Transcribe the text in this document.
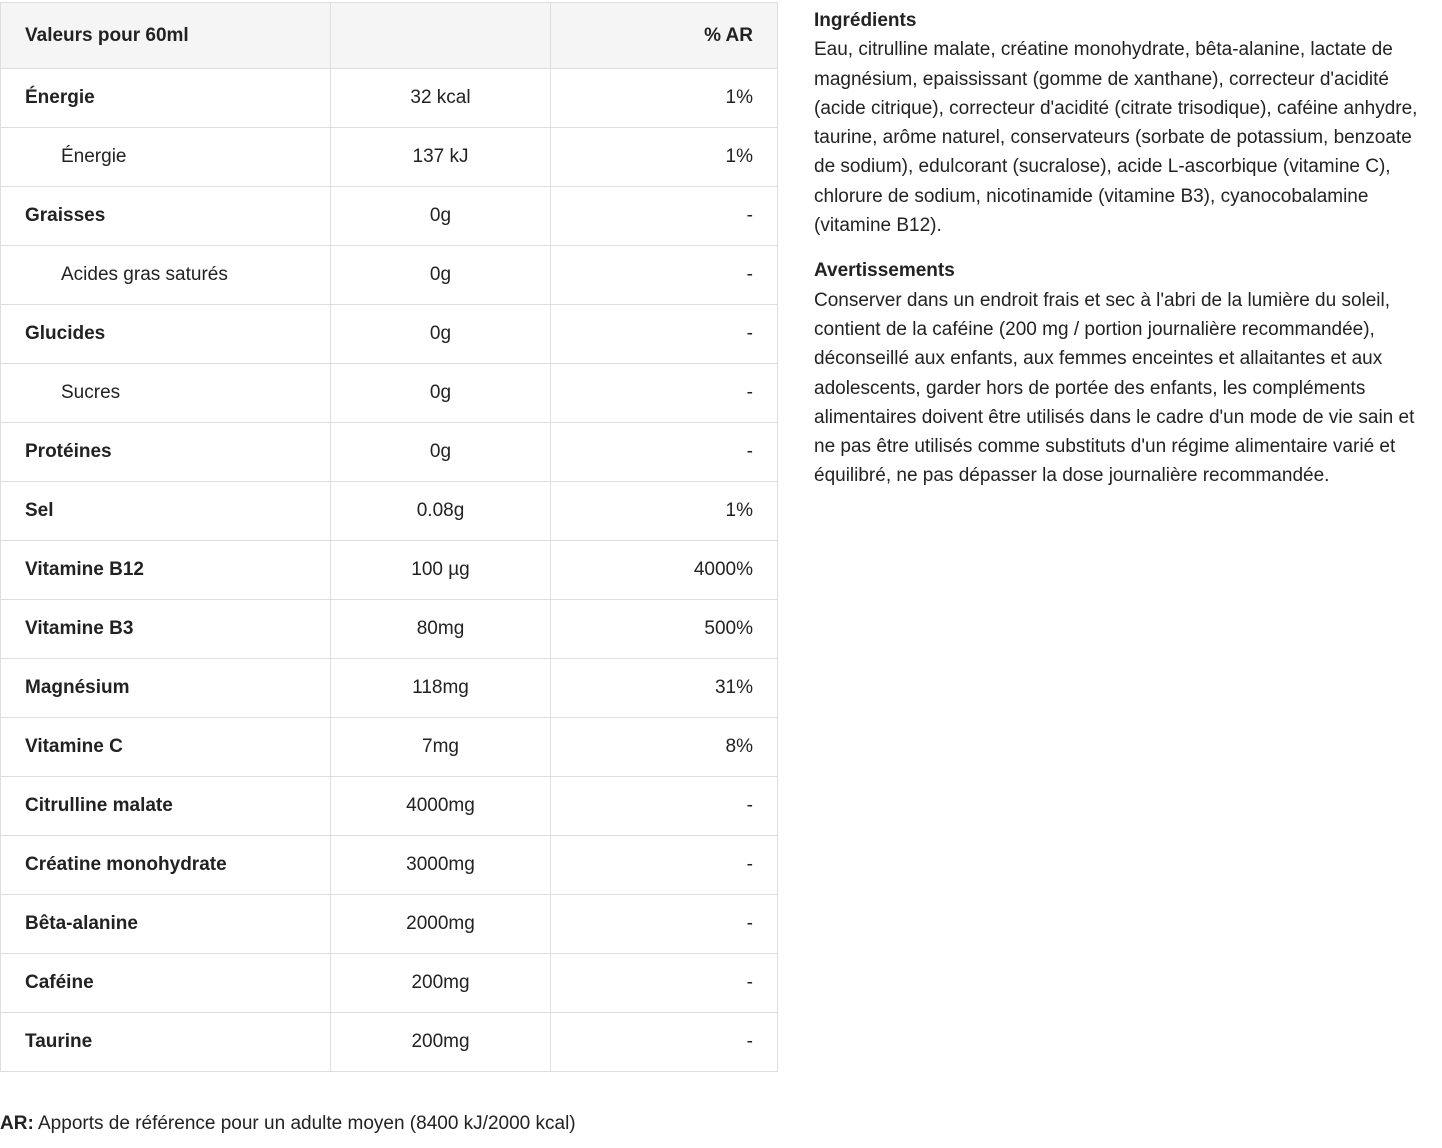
Valeurs pour 60ml		% AR
Énergie	32 kcal	1%
Énergie	137 kJ	1%
Graisses	0g	-
Acides gras saturés	0g	-
Glucides	0g	-
Sucres	0g	-
Protéines	0g	-
Sel	0.08g	1%
Vitamine B12	100 µg	4000%
Vitamine B3	80mg	500%
Magnésium	118mg	31%
Vitamine C	7mg	8%
Citrulline malate	4000mg	-
Créatine monohydrate	3000mg	-
Bêta-alanine	2000mg	-
Caféine	200mg	-
Taurine	200mg	-
AR: Apports de référence pour un adulte moyen (8400 kJ/2000 kcal)

Ingrédients

Eau, citrulline malate, créatine monohydrate, bêta-alanine, lactate de magnésium, epaississant (gomme de xanthane), correcteur d'acidité (acide citrique), correcteur d'acidité (citrate trisodique), caféine anhydre, taurine, arôme naturel, conservateurs (sorbate de potassium, benzoate de sodium), edulcorant (sucralose), acide L-ascorbique (vitamine C), chlorure de sodium, nicotinamide (vitamine B3), cyanocobalamine (vitamine B12).

Avertissements

Conserver dans un endroit frais et sec à l'abri de la lumière du soleil, contient de la caféine (200 mg / portion journalière recommandée), déconseillé aux enfants, aux femmes enceintes et allaitantes et aux adolescents, garder hors de portée des enfants, les compléments alimentaires doivent être utilisés dans le cadre d'un mode de vie sain et ne pas être utilisés comme substituts d'un régime alimentaire varié et équilibré, ne pas dépasser la dose journalière recommandée.
